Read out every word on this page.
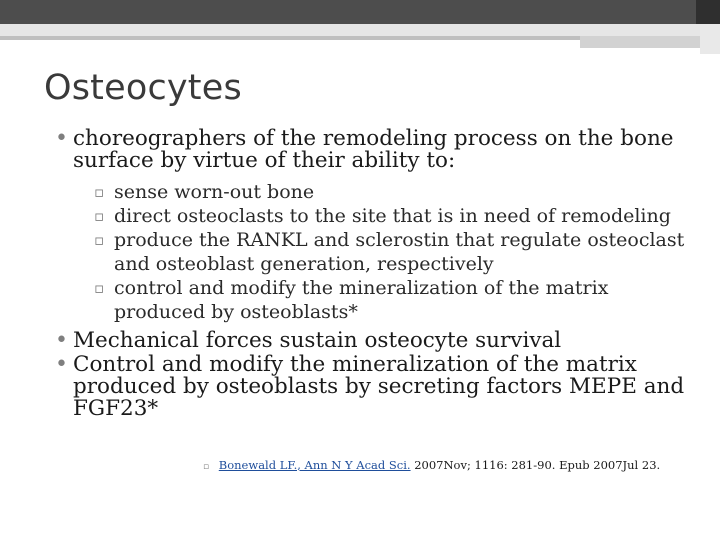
Osteocytes
• choreographers of the remodeling process on the bone surface by virtue of their ability to:
▫ sense worn-out bone
▫ direct osteoclasts to the site that is in need of remodeling
▫ produce the RANKL and sclerostin that regulate osteoclast and osteoblast generation, respectively
▫ control and modify the mineralization of the matrix produced by osteoblasts*
• Mechanical forces sustain osteocyte survival
• Control and modify the mineralization of the matrix produced by osteoblasts by secreting factors MEPE and FGF23*
▫ Bonewald LF., Ann N Y Acad Sci. 2007Nov; 1116: 281-90. Epub 2007Jul 23.
